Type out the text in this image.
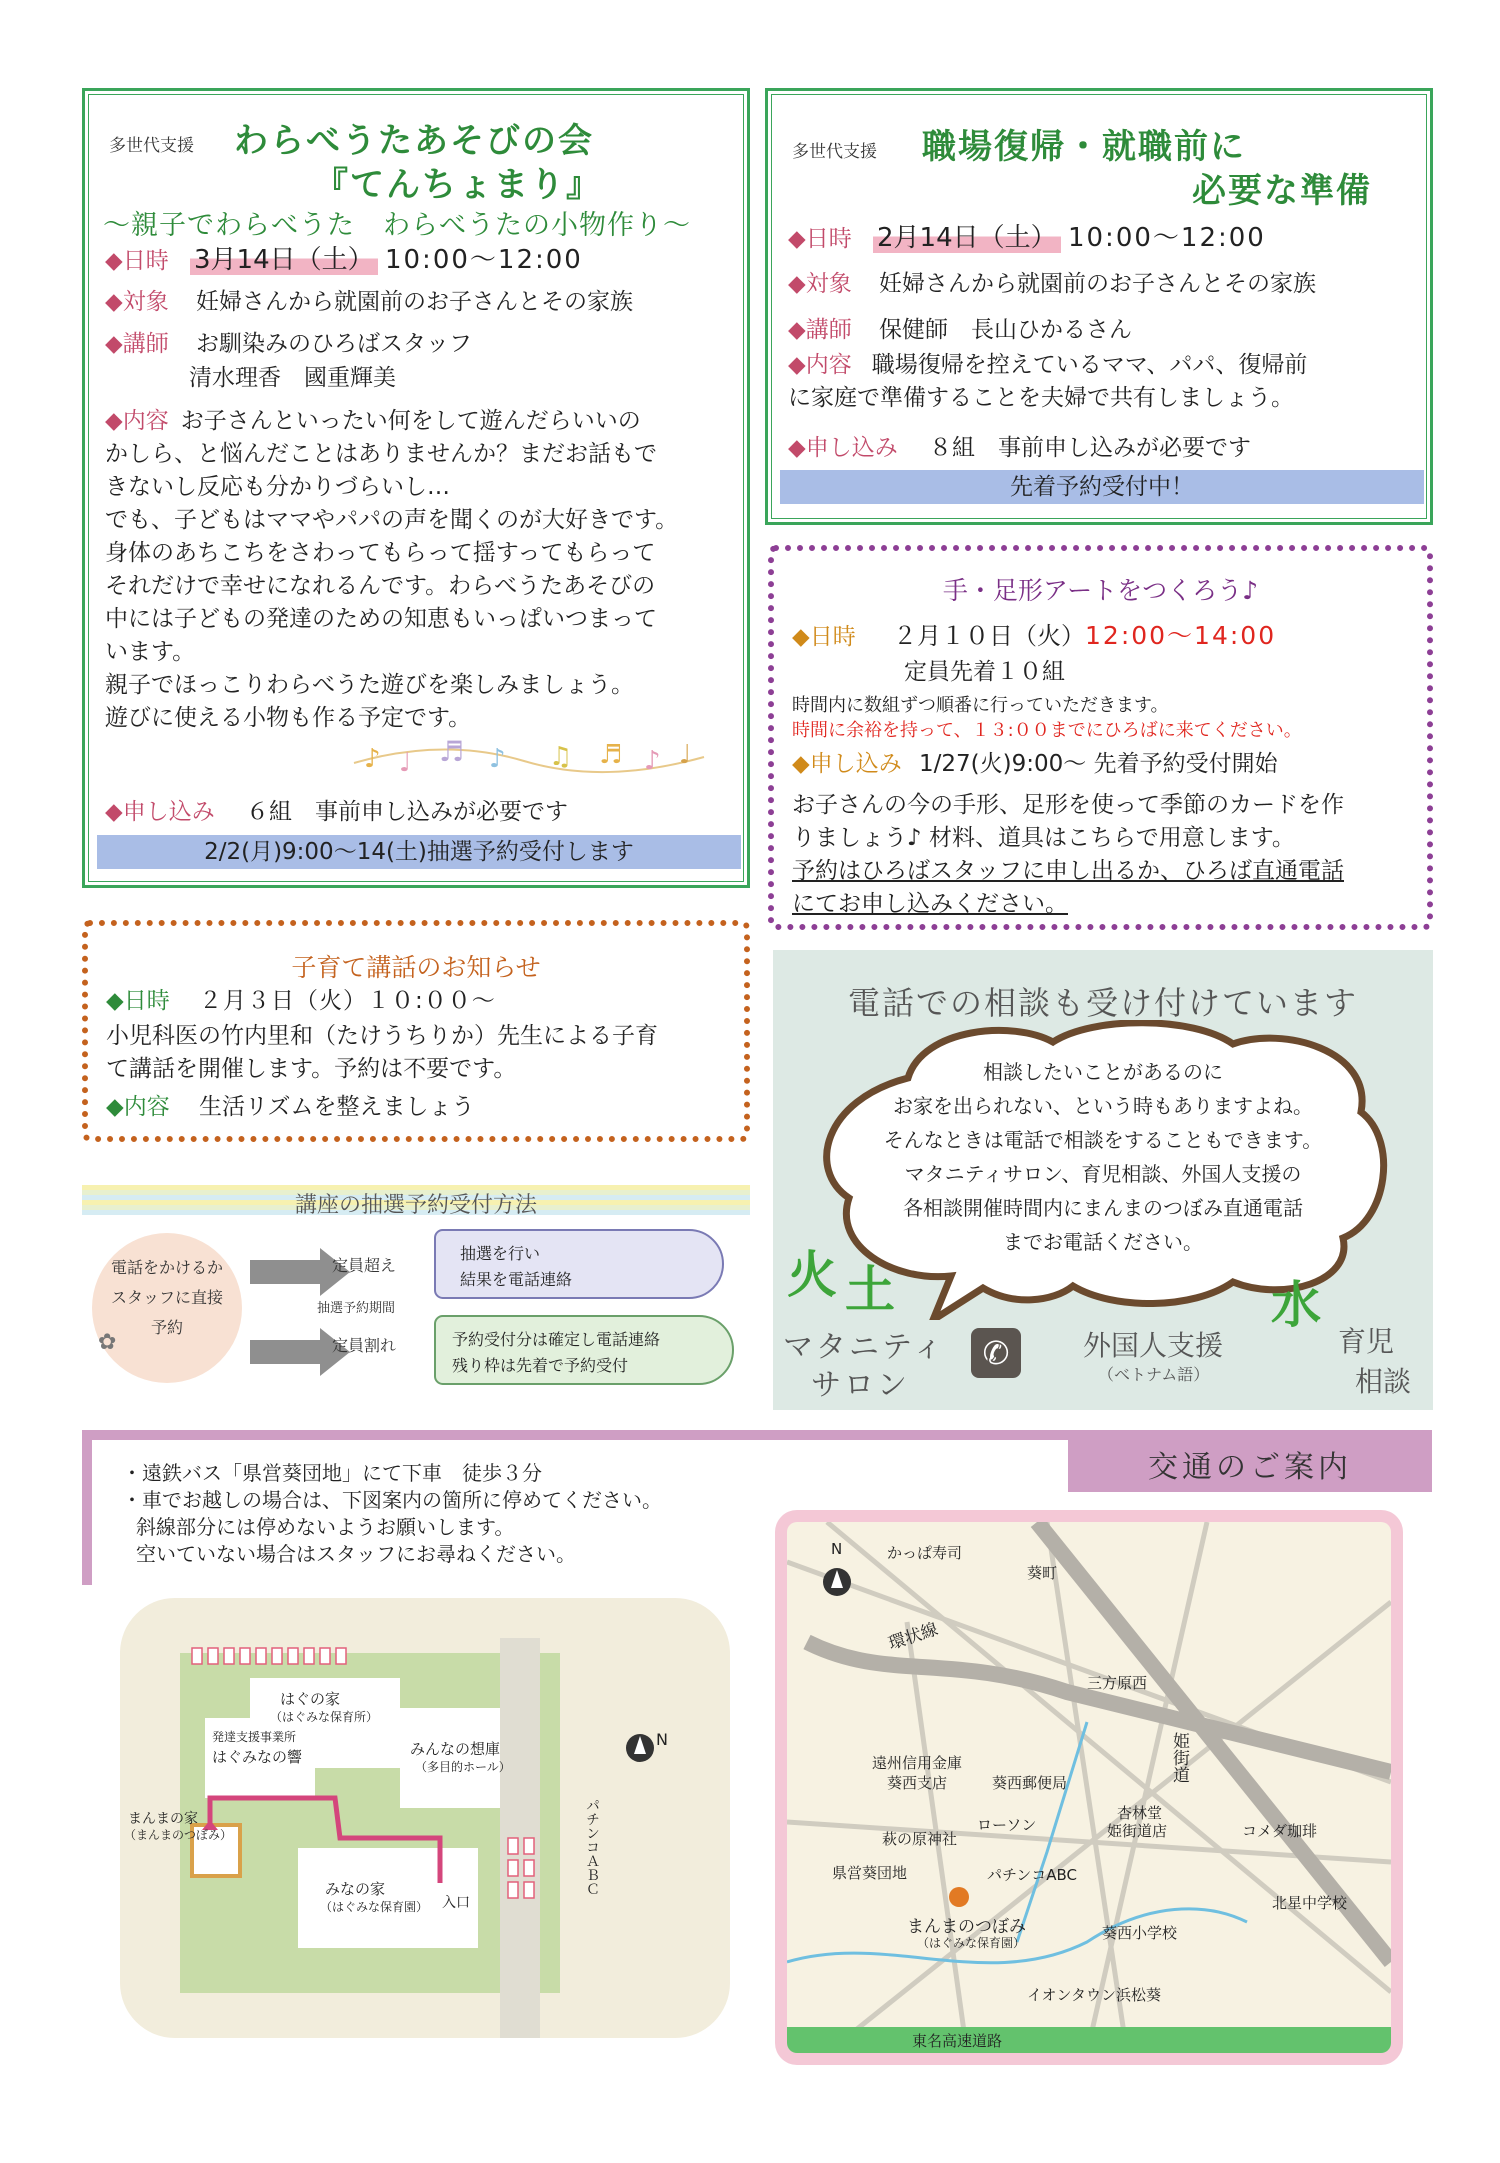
多世代支援 わらべうたあそびの会
『てんちょまり』
～親子でわらべうた　わらべうたの小物作り～
◆日時 3月14日（土） 10:00～12:00
◆対象 妊婦さんから就園前のお子さんとその家族
◆講師 お馴染みのひろばスタッフ
清水理香　國重輝美
◆内容 お子さんといったい何をして遊んだらいいの
かしら、と悩んだことはありませんか？まだお話もで
きないし反応も分かりづらいし…
でも、子どもはママやパパの声を聞くのが大好きです。
身体のあちこちをさわってもらって揺すってもらって
それだけで幸せになれるんです。わらべうたあそびの
中には子どもの発達のための知恵もいっぱいつまって
います。
親子でほっこりわらべうた遊びを楽しみましょう。
遊びに使える小物も作る予定です。
♪ ♩ ♬ ♪ ♫ ♬ ♪ ♩
◆申し込み ６組　事前申し込みが必要です
2/2(月)9:00～14(土)抽選予約受付します
多世代支援 職場復帰・就職前に
必要な準備
◆日時 2月14日（土） 10:00～12:00
◆対象 妊婦さんから就園前のお子さんとその家族
◆講師 保健師　長山ひかるさん
◆内容 職場復帰を控えているママ、パパ、復帰前
に家庭で準備することを夫婦で共有しましょう。
◆申し込み ８組　事前申し込みが必要です
先着予約受付中！
手・足形アートをつくろう♪
◆日時 ２月１０日（火）12:00～14:00
定員先着１０組
時間内に数組ずつ順番に行っていただきます。
時間に余裕を持って、１３:００までにひろばに来てください。
◆申し込み 1/27(火)9:00～ 先着予約受付開始
お子さんの今の手形、足形を使って季節のカードを作
りましょう♪ 材料、道具はこちらで用意します。
予約はひろばスタッフに申し出るか、ひろば直通電話
にてお申し込みください。
子育て講話のお知らせ
◆日時 ２月３日（火）１０:００～
小児科医の竹内里和（たけうちりか）先生による子育
て講話を開催します。予約は不要です。
◆内容 生活リズムを整えましょう
電話での相談も受け付けています
相談したいことがあるのに
お家を出られない、という時もありますよね。
そんなときは電話で相談をすることもできます。
マタニティサロン、育児相談、外国人支援の
各相談開催時間内にまんまのつぼみ直通電話
までお電話ください。
火 土	水
マタニティ
サロン
✆	外国人支援
（ベトナム語）
育児
相談
講座の抽選予約受付方法
電話をかけるか
スタッフに直接
予約
✿
定員超え
抽選予約期間
定員割れ
抽選を行い
結果を電話連絡
予約受付分は確定し電話連絡
残り枠は先着で予約受付
交通のご案内
・遠鉄バス「県営葵団地」にて下車　徒歩３分
・車でお越しの場合は、下図案内の箇所に停めてください。
斜線部分には停めないようお願いします。
空いていない場合はスタッフにお尋ねください。
N
はぐの家
（はぐみな保育所）
発達支援事業所
はぐみなの響	みんなの想庫
（多目的ホール）
まんまの家
（まんまのつぼみ）
みなの家
（はぐみな保育園） 入口
パチンコＡＢＣ
N	かっぱ寿司
葵町
環状線
三方原西
姫街道
遠州信用金庫
葵西支店	葵西郵便局
杏林堂
姫街道店	コメダ珈琲
ローソン
萩の原神社
県営葵団地	パチンコABC
北星中学校
まんまのつぼみ
（はぐみな保育園）
葵西小学校
イオンタウン浜松葵
東名高速道路
